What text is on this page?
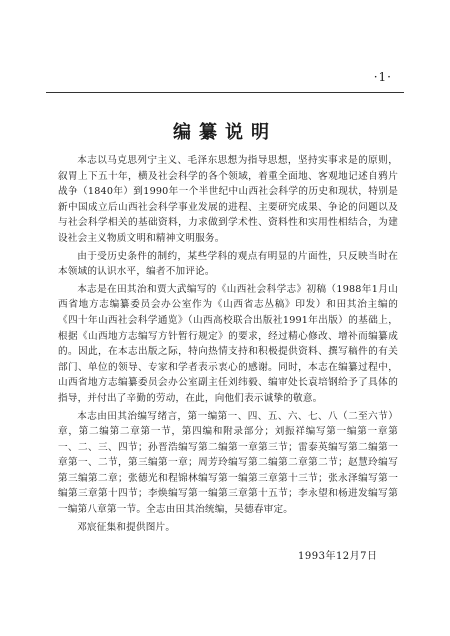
·1·
编纂说明

本志以马克思列宁主义、毛泽东思想为指导思想，坚持实事求是的原则，叙胃上下五十年，横及社会科学的各个领域，着重全面地、客观地记述自鸦片战争（1840年）到1990年一个半世纪中山西社会科学的历史和现状，特别是新中国成立后山西社会科学事业发展的进程、主要研究成果、争论的问题以及与社会科学相关的基础资料，力求做到学术性、资料性和实用性相结合，为建设社会主义物质文明和精神文明服务。

由于受历史条件的制约，某些学科的观点有明显的片面性，只反映当时在本领域的认识水平，编者不加评论。

本志是在田其治和贾大武编写的《山西社会科学志》初稿（1988年1月山西省地方志编纂委员会办公室作为《山西省志丛稿》印发）和田其治主编的《四十年山西社会科学通览》（山西高校联合出版社1991年出版）的基础上，根据《山西地方志编写方针暂行规定》的要求，经过精心修改、增补而编纂成的。因此，在本志出版之际，特向热情支持和积极提供资料、撰写稿件的有关部门、单位的领导、专家和学者表示衷心的感谢。同时，本志在编纂过程中，山西省地方志编纂委员会办公室副主任刘纬毅、编审处长袁培钢给予了具体的指导，并付出了辛勤的劳动，在此，向他们表示诚挚的敬意。

本志由田其治编写绪言，第一编第一、四、五、六、七、八（二至六节）章，第二编第二章第一节，第四编和附录部分；刘振祥编写第一编第一章第一、二、三、四节；孙晋浩编写第二编第一章第三节；雷泰英编写第二编第一章第一、二节，第三编第一章；周芳玲编写第二编第二章第二节；赵慧玲编写第三编第二章；张德光和程锦林编写第一编第三章第十三节；张永泽编写第一编第三章第十四节；李焕编写第一编第三章第十五节；李永望和杨进发编写第一编第八章第一节。全志由田其治统编，吴德春审定。

邓宸征集和提供图片。

1993年12月7日
